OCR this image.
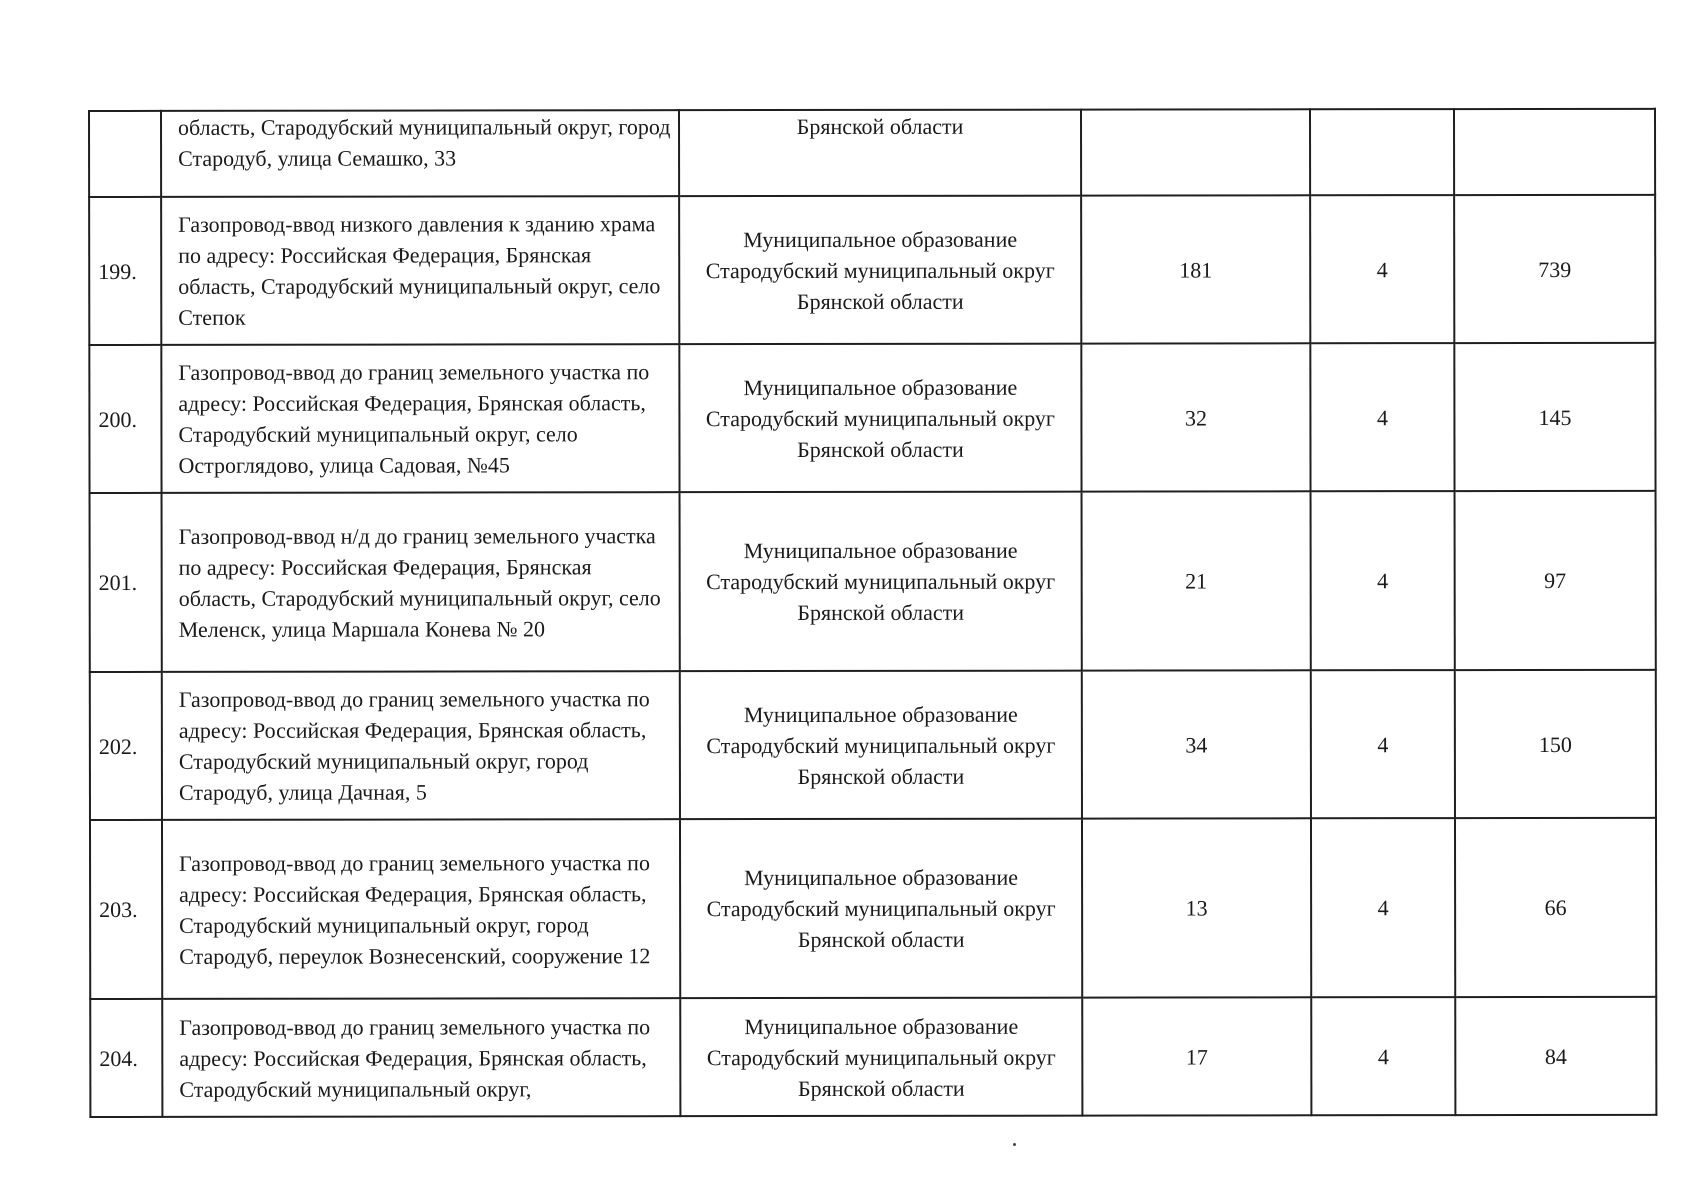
	область, Стародубский муниципальный округ, город Стародуб, улица Семашко, 33	Брянской области			
199.	Газопровод-ввод низкого давления к зданию храма по адресу: Российская Федерация, Брянская область, Стародубский муниципальный округ, село Степок	Муниципальное образование Стародубский муниципальный округ Брянской области	181	4	739
200.	Газопровод-ввод до границ земельного участка по адресу: Российская Федерация, Брянская область, Стародубский муниципальный округ, село Остроглядово, улица Садовая, №45	Муниципальное образование Стародубский муниципальный округ Брянской области	32	4	145
201.	Газопровод-ввод н/д до границ земельного участка по адресу: Российская Федерация, Брянская область, Стародубский муниципальный округ, село Меленск, улица Маршала Конева № 20	Муниципальное образование Стародубский муниципальный округ Брянской области	21	4	97
202.	Газопровод-ввод до границ земельного участка по адресу: Российская Федерация, Брянская область, Стародубский муниципальный округ, город Стародуб, улица Дачная, 5	Муниципальное образование Стародубский муниципальный округ Брянской области	34	4	150
203.	Газопровод-ввод до границ земельного участка по адресу: Российская Федерация, Брянская область, Стародубский муниципальный округ, город Стародуб, переулок Вознесенский, сооружение 12	Муниципальное образование Стародубский муниципальный округ Брянской области	13	4	66
204.	Газопровод-ввод до границ земельного участка по адресу: Российская Федерация, Брянская область, Стародубский муниципальный округ,	Муниципальное образование Стародубский муниципальный округ Брянской области	17	4	84
